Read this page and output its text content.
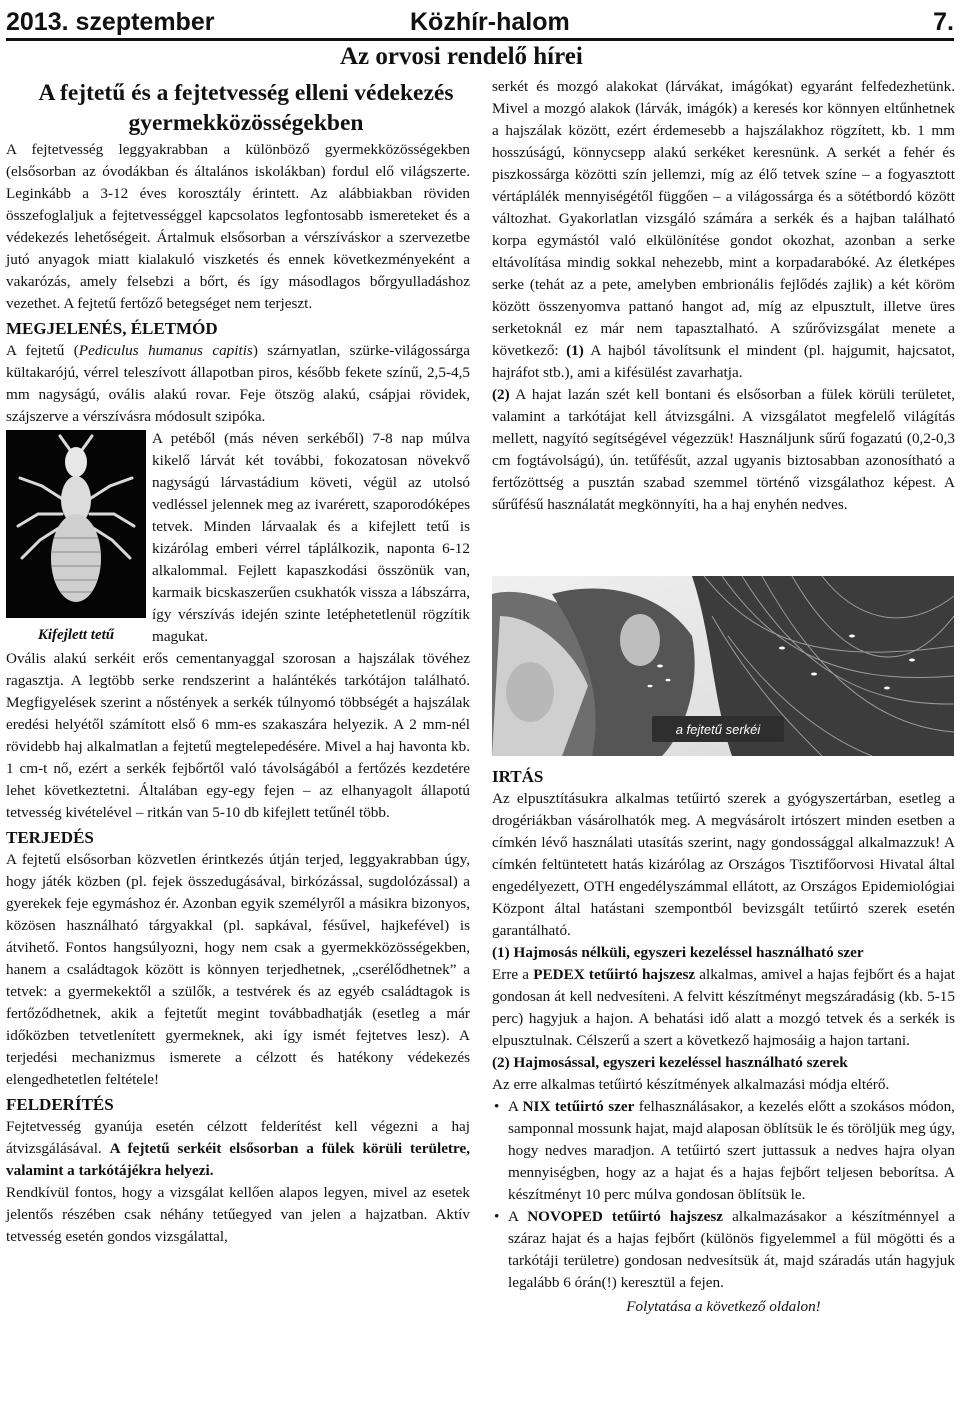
2013. szeptember	Közhír-halom	7.
Az orvosi rendelő hírei
A fejtetű és a fejtetvesség elleni védekezés gyermekközösségekben

A fejtetvesség leggyakrabban a különböző gyermekközösségekben (elsősorban az óvodákban és általános iskolákban) fordul elő világszerte. Leginkább a 3-12 éves korosztály érintett. Az alábbiakban röviden összefoglaljuk a fejtetvességgel kapcsolatos legfontosabb ismereteket és a védekezés lehetőségeit. Ártalmuk elsősorban a vérszíváskor a szervezetbe jutó anyagok miatt kialakuló viszketés és ennek következményeként a vakarózás, amely felsebzi a bőrt, és így másodlagos bőrgyulladáshoz vezethet. A fejtetű fertőző betegséget nem terjeszt.

MEGJELENÉS, ÉLETMÓD

A fejtetű (Pediculus humanus capitis) szárnyatlan, szürke-világossárga kültakarójú, vérrel teleszívott állapotban piros, később fekete színű, 2,5-4,5 mm nagyságú, ovális alakú rovar. Feje ötszög alakú, csápjai rövidek, szájszerve a vérszívásra módosult szipóka.

Kifejlett tetű

A petéből (más néven serkéből) 7-8 nap múlva kikelő lárvát két további, fokozatosan növekvő nagyságú lárvastádium követi, végül az utolsó vedléssel jelennek meg az ivarérett, szaporodóképes tetvek. Minden lárvaalak és a kifejlett tetű is kizárólag emberi vérrel táplálkozik, naponta 6-12 alkalommal. Fejlett kapaszkodási összönük van, karmaik bicskaszerűen csukhatók vissza a lábszárra, így vérszívás idején szinte letéphetetlenül rögzítik magukat.

Ovális alakú serkéit erős cementanyaggal szorosan a hajszálak tövéhez ragasztja. A legtöbb serke rendszerint a halántékés tarkótájon található. Megfigyelések szerint a nőstények a serkék túlnyomó többségét a hajszálak eredési helyétől számított első 6 mm-es szakaszára helyezik. A 2 mm-nél rövidebb haj alkalmatlan a fejtetű megtelepedésére. Mivel a haj havonta kb. 1 cm-t nő, ezért a serkék fejbőrtől való távolságából a fertőzés kezdetére lehet következtetni. Általában egy-egy fejen – az elhanyagolt állapotú tetvesség kivételével – ritkán van 5-10 db kifejlett tetűnél több.

TERJEDÉS

A fejtetű elsősorban közvetlen érintkezés útján terjed, leggyakrabban úgy, hogy játék közben (pl. fejek összedugásával, birkózással, sugdolózással) a gyerekek feje egymáshoz ér. Azonban egyik személyről a másikra bizonyos, közösen használható tárgyakkal (pl. sapkával, fésűvel, hajkefével) is átvihető. Fontos hangsúlyozni, hogy nem csak a gyermekközösségekben, hanem a családtagok között is könnyen terjedhetnek, „cserélődhetnek” a tetvek: a gyermekektől a szülők, a testvérek és az egyéb családtagok is fertőződhetnek, akik a fejtetűt megint továbbadhatják (esetleg a már időközben tetvetlenített gyermeknek, aki így ismét fejtetves lesz). A terjedési mechanizmus ismerete a célzott és hatékony védekezés elengedhetetlen feltétele!

FELDERÍTÉS

Fejtetvesség gyanúja esetén célzott felderítést kell végezni a haj átvizsgálásával. A fejtetű serkéit elsősorban a fülek körüli területre, valamint a tarkótájékra helyezi.

Rendkívül fontos, hogy a vizsgálat kellően alapos legyen, mivel az esetek jelentős részében csak néhány tetűegyed van jelen a hajzatban. Aktív tetvesség esetén gondos vizsgálattal,

serkét és mozgó alakokat (lárvákat, imágókat) egyaránt felfedezhetünk. Mivel a mozgó alakok (lárvák, imágók) a keresés kor könnyen eltűnhetnek a hajszálak között, ezért érdemesebb a hajszálakhoz rögzített, kb. 1 mm hosszúságú, könnycsepp alakú serkéket keresnünk. A serkét a fehér és piszkossárga közötti szín jellemzi, míg az élő tetvek színe – a fogyasztott vértáplálék mennyiségétől függően – a világossárga és a sötétbordó között változhat. Gyakorlatlan vizsgáló számára a serkék és a hajban található korpa egymástól való elkülönítése gondot okozhat, azonban a serke eltávolítása mindig sokkal nehezebb, mint a korpadarabóké. Az életképes serke (tehát az a pete, amelyben embrionális fejlődés zajlik) a két köröm között összenyomva pattanó hangot ad, míg az elpusztult, illetve üres serketoknál ez már nem tapasztalható. A szűrővizsgálat menete a következő: (1) A hajból távolítsunk el mindent (pl. hajgumit, hajcsatot, hajráfot stb.), ami a kifésülést zavarhatja.
(2) A hajat lazán szét kell bontani és elsősorban a fülek körüli területet, valamint a tarkótájat kell átvizsgálni. A vizsgálatot megfelelő világítás mellett, nagyító segítségével végezzük! Használjunk sűrű fogazatú (0,2-0,3 cm fogtávolságú), ún. tetűfésűt, azzal ugyanis biztosabban azonosítható a fertőzöttség a pusztán szabad szemmel történő vizsgálathoz képest. A sűrűfésű használatát megkönnyíti, ha a haj enyhén nedves.

a fejtetű serkéi

IRTÁS

Az elpusztításukra alkalmas tetűirtó szerek a gyógyszertárban, esetleg a drogériákban vásárolhatók meg. A megvásárolt irtószert minden esetben a címkén lévő használati utasítás szerint, nagy gondossággal alkalmazzuk! A címkén feltüntetett hatás kizárólag az Országos Tisztifőorvosi Hivatal által engedélyezett, OTH engedélyszámmal ellátott, az Országos Epidemiológiai Központ által hatástani szempontból bevizsgált tetűirtó szerek esetén garantálható.

(1) Hajmosás nélküli, egyszeri kezeléssel használható szer

Erre a PEDEX tetűirtó hajszesz alkalmas, amivel a hajas fejbőrt és a hajat gondosan át kell nedvesíteni. A felvitt készítményt megszáradásig (kb. 5-15 perc) hagyjuk a hajon. A behatási idő alatt a mozgó tetvek és a serkék is elpusztulnak. Célszerű a szert a következő hajmosáig a hajon tartani.

(2) Hajmosással, egyszeri kezeléssel használható szerek

Az erre alkalmas tetűirtó készítmények alkalmazási módja eltérő.

• A NIX tetűirtó szer felhasználásakor, a kezelés előtt a szokásos módon, samponnal mossunk hajat, majd alaposan öblítsük le és töröljük meg úgy, hogy nedves maradjon. A tetűirtó szert juttassuk a nedves hajra olyan mennyiségben, hogy az a hajat és a hajas fejbőrt teljesen beborítsa. A készítményt 10 perc múlva gondosan öblítsük le.
• A NOVOPED tetűirtó hajszesz alkalmazásakor a készítménnyel a száraz hajat és a hajas fejbőrt (különös figyelemmel a fül mögötti és a tarkótáji területre) gondosan nedvesítsük át, majd száradás után hagyjuk legalább 6 órán(!) keresztül a fejen.

Folytatása a következő oldalon!
